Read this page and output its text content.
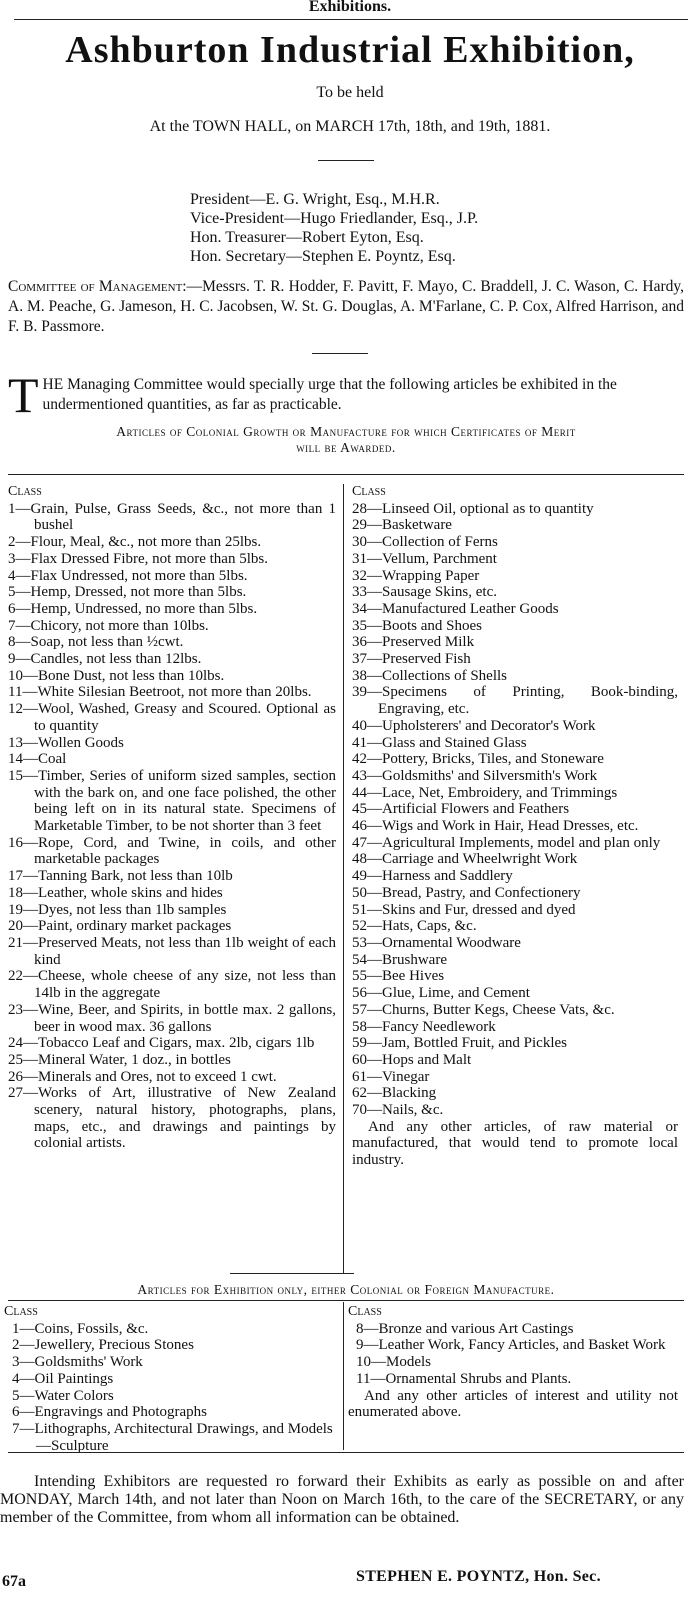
Exhibitions.
Ashburton Industrial Exhibition,
To be held
At the TOWN HALL, on MARCH 17th, 18th, and 19th, 1881.
President—E. G. Wright, Esq., M.H.R.
Vice-President—Hugo Friedlander, Esq., J.P.
Hon. Treasurer—Robert Eyton, Esq.
Hon. Secretary—Stephen E. Poyntz, Esq.
Committee of Management:—Messrs. T. R. Hodder, F. Pavitt, F. Mayo, C. Braddell, J. C. Wason, C. Hardy, A. M. Peache, G. Jameson, H. C. Jacobsen, W. St. G. Douglas, A. M'Farlane, C. P. Cox, Alfred Harrison, and F. B. Passmore.
THE Managing Committee would specially urge that the following articles be exhibited in the undermentioned quantities, as far as practicable.
Articles of Colonial Growth or Manufacture for which Certificates of Merit
will be Awarded.
Class
1—Grain, Pulse, Grass Seeds, &c., not more than 1 bushel
2—Flour, Meal, &c., not more than 25lbs.
3—Flax Dressed Fibre, not more than 5lbs.
4—Flax Undressed, not more than 5lbs.
5—Hemp, Dressed, not more than 5lbs.
6—Hemp, Undressed, no more than 5lbs.
7—Chicory, not more than 10lbs.
8—Soap, not less than ½cwt.
9—Candles, not less than 12lbs.
10—Bone Dust, not less than 10lbs.
11—White Silesian Beetroot, not more than 20lbs.
12—Wool, Washed, Greasy and Scoured. Optional as to quantity
13—Wollen Goods
14—Coal
15—Timber, Series of uniform sized samples, section with the bark on, and one face polished, the other being left on in its natural state. Specimens of Marketable Timber, to be not shorter than 3 feet
16—Rope, Cord, and Twine, in coils, and other marketable packages
17—Tanning Bark, not less than 10lb
18—Leather, whole skins and hides
19—Dyes, not less than 1lb samples
20—Paint, ordinary market packages
21—Preserved Meats, not less than 1lb weight of each kind
22—Cheese, whole cheese of any size, not less than 14lb in the aggregate
23—Wine, Beer, and Spirits, in bottle max. 2 gallons, beer in wood max. 36 gallons
24—Tobacco Leaf and Cigars, max. 2lb, cigars 1lb
25—Mineral Water, 1 doz., in bottles
26—Minerals and Ores, not to exceed 1 cwt.
27—Works of Art, illustrative of New Zealand scenery, natural history, photographs, plans, maps, etc., and drawings and paintings by colonial artists.
Class
28—Linseed Oil, optional as to quantity
29—Basketware
30—Collection of Ferns
31—Vellum, Parchment
32—Wrapping Paper
33—Sausage Skins, etc.
34—Manufactured Leather Goods
35—Boots and Shoes
36—Preserved Milk
37—Preserved Fish
38—Collections of Shells
39—Specimens of Printing, Book-binding, Engraving, etc.
40—Upholsterers' and Decorator's Work
41—Glass and Stained Glass
42—Pottery, Bricks, Tiles, and Stoneware
43—Goldsmiths' and Silversmith's Work
44—Lace, Net, Embroidery, and Trimmings
45—Artificial Flowers and Feathers
46—Wigs and Work in Hair, Head Dresses, etc.
47—Agricultural Implements, model and plan only
48—Carriage and Wheelwright Work
49—Harness and Saddlery
50—Bread, Pastry, and Confectionery
51—Skins and Fur, dressed and dyed
52—Hats, Caps, &c.
53—Ornamental Woodware
54—Brushware
55—Bee Hives
56—Glue, Lime, and Cement
57—Churns, Butter Kegs, Cheese Vats, &c.
58—Fancy Needlework
59—Jam, Bottled Fruit, and Pickles
60—Hops and Malt
61—Vinegar
62—Blacking
70—Nails, &c.
And any other articles, of raw material or manufactured, that would tend to promote local industry.
Articles for Exhibition only, either Colonial or Foreign Manufacture.
Class
1—Coins, Fossils, &c.
2—Jewellery, Precious Stones
3—Goldsmiths' Work
4—Oil Paintings
5—Water Colors
6—Engravings and Photographs
7—Lithographs, Architectural Drawings, and Models—Sculpture
Class
8—Bronze and various Art Castings
9—Leather Work, Fancy Articles, and Basket Work
10—Models
11—Ornamental Shrubs and Plants.
And any other articles of interest and utility not enumerated above.
Intending Exhibitors are requested ro forward their Exhibits as early as possible on and after MONDAY, March 14th, and not later than Noon on March 16th, to the care of the SECRETARY, or any member of the Committee, from whom all information can be obtained.
67a	STEPHEN E. POYNTZ, Hon. Sec.
